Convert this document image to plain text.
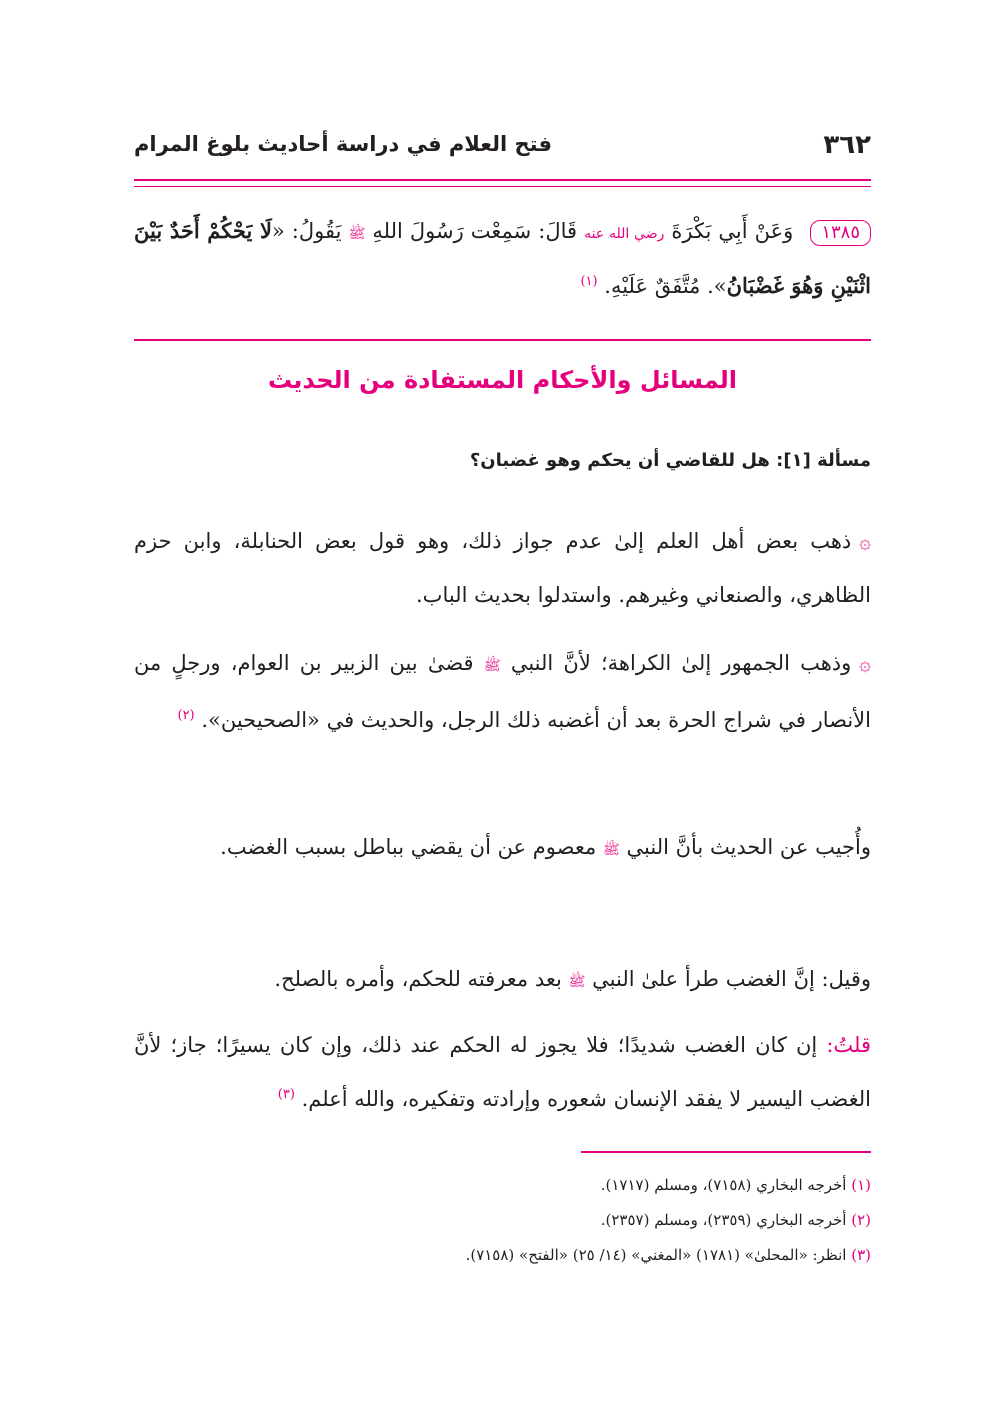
٣٦٢
فتح العلام في دراسة أحاديث بلوغ المرام
١٣٨٥ وَعَنْ أَبِي بَكْرَةَ رضي الله عنه قَالَ: سَمِعْت رَسُولَ اللهِ ﷺ يَقُولُ: «لَا يَحْكُمْ أَحَدٌ بَيْنَ اثْنَيْنِ وَهُوَ غَضْبَانُ». مُتَّفَقٌ عَلَيْهِ. $^{(١)}$
المسائل والأحكام المستفادة من الحديث
مسألة [١]: هل للقاضي أن يحكم وهو غضبان؟
۞ذهب بعض أهل العلم إلىٰ عدم جواز ذلك، وهو قول بعض الحنابلة، وابن حزم الظاهري، والصنعاني وغيرهم. واستدلوا بحديث الباب.
۞وذهب الجمهور إلىٰ الكراهة؛ لأنَّ النبي ﷺ قضىٰ بين الزبير بن العوام، ورجلٍ من الأنصار في شراج الحرة بعد أن أغضبه ذلك الرجل، والحديث في «الصحيحين». $^{(٢)}$
وأُجيب عن الحديث بأنَّ النبي ﷺ معصوم عن أن يقضي بباطل بسبب الغضب.
وقيل: إنَّ الغضب طرأ علىٰ النبي ﷺ بعد معرفته للحكم، وأمره بالصلح.
قلتُ: إن كان الغضب شديدًا؛ فلا يجوز له الحكم عند ذلك، وإن كان يسيرًا؛ جاز؛ لأنَّ الغضب اليسير لا يفقد الإنسان شعوره وإرادته وتفكيره، والله أعلم. $^{(٣)}$
(١) أخرجه البخاري (٧١٥٨)، ومسلم (١٧١٧).
(٢) أخرجه البخاري (٢٣٥٩)، ومسلم (٢٣٥٧).
(٣) انظر: «المحلىٰ» (١٧٨١) «المغني» (١٤/ ٢٥) «الفتح» (٧١٥٨).
